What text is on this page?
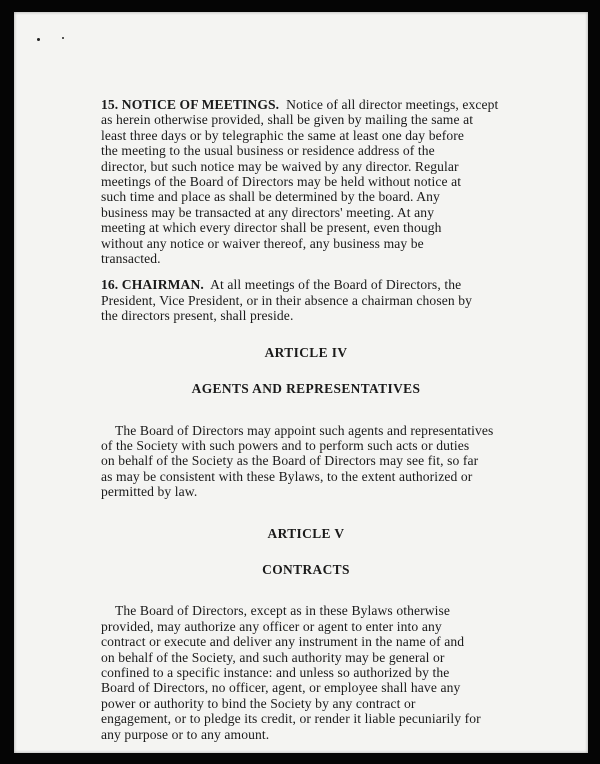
15. NOTICE OF MEETINGS. Notice of all director meetings, except
as herein otherwise provided, shall be given by mailing the same at
least three days or by telegraphic the same at least one day before
the meeting to the usual business or residence address of the
director, but such notice may be waived by any director. Regular
meetings of the Board of Directors may be held without notice at
such time and place as shall be determined by the board. Any
business may be transacted at any directors' meeting. At any
meeting at which every director shall be present, even though
without any notice or waiver thereof, any business may be
transacted.
16. CHAIRMAN. At all meetings of the Board of Directors, the
President, Vice President, or in their absence a chairman chosen by
the directors present, shall preside.

ARTICLE IV

AGENTS AND REPRESENTATIVES

The Board of Directors may appoint such agents and representatives
of the Society with such powers and to perform such acts or duties
on behalf of the Society as the Board of Directors may see fit, so far
as may be consistent with these Bylaws, to the extent authorized or
permitted by law.

ARTICLE V

CONTRACTS

The Board of Directors, except as in these Bylaws otherwise
provided, may authorize any officer or agent to enter into any
contract or execute and deliver any instrument in the name of and
on behalf of the Society, and such authority may be general or
confined to a specific instance: and unless so authorized by the
Board of Directors, no officer, agent, or employee shall have any
power or authority to bind the Society by any contract or
engagement, or to pledge its credit, or render it liable pecuniarily for
any purpose or to any amount.
